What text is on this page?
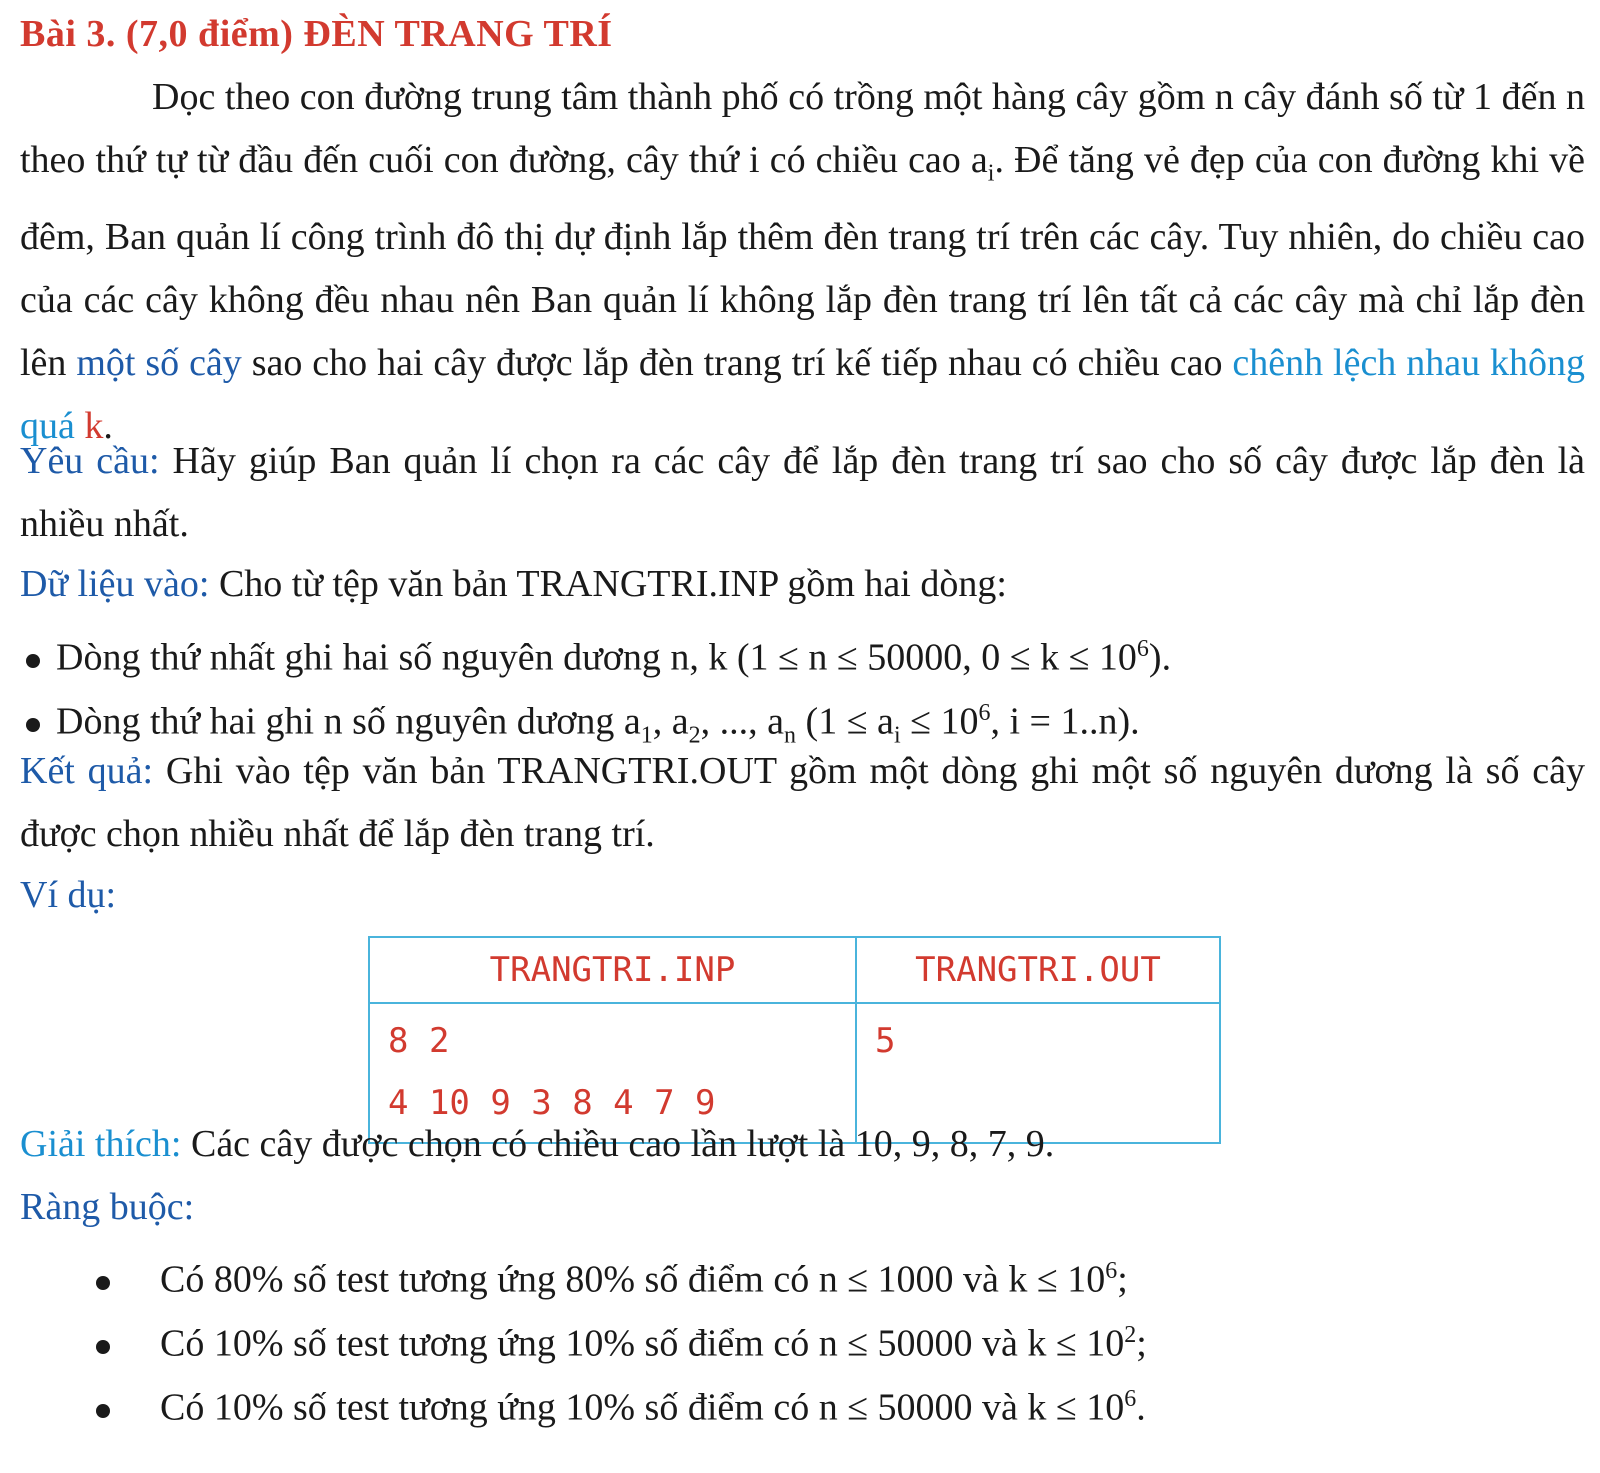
Bài 3. (7,0 điểm) ĐÈN TRANG TRÍ
Dọc theo con đường trung tâm thành phố có trồng một hàng cây gồm n cây đánh số từ 1 đến n theo thứ tự từ đầu đến cuối con đường, cây thứ i có chiều cao $a_i$. Để tăng vẻ đẹp của con đường khi về đêm, Ban quản lí công trình đô thị dự định lắp thêm đèn trang trí trên các cây. Tuy nhiên, do chiều cao của các cây không đều nhau nên Ban quản lí không lắp đèn trang trí lên tất cả các cây mà chỉ lắp đèn lên một số cây sao cho hai cây được lắp đèn trang trí kế tiếp nhau có chiều cao chênh lệch nhau không quá k.
Yêu cầu: Hãy giúp Ban quản lí chọn ra các cây để lắp đèn trang trí sao cho số cây được lắp đèn là nhiều nhất.
Dữ liệu vào: Cho từ tệp văn bản TRANGTRI.INP gồm hai dòng:
Dòng thứ nhất ghi hai số nguyên dương n, k (1 ≤ n ≤ 50000, $0 \le k \le 10^6$).
Dòng thứ hai ghi n số nguyên dương $a_1$, $a_2$, ..., $a_n$ ($1 \le a_i \le 10^6$, i = 1..n).
Kết quả: Ghi vào tệp văn bản TRANGTRI.OUT gồm một dòng ghi một số nguyên dương là số cây được chọn nhiều nhất để lắp đèn trang trí.
Ví dụ:
TRANGTRI.INP	TRANGTRI.OUT

8 2
4 10 9 3 8 4 7 9	5
Giải thích: Các cây được chọn có chiều cao lần lượt là 10, 9, 8, 7, 9.
Ràng buộc:
Có 80% số test tương ứng 80% số điểm có n ≤ 1000 và $k \le 10^6$;
Có 10% số test tương ứng 10% số điểm có n ≤ 50000 và $k \le 10^2$;
Có 10% số test tương ứng 10% số điểm có n ≤ 50000 và $k \le 10^6$.
